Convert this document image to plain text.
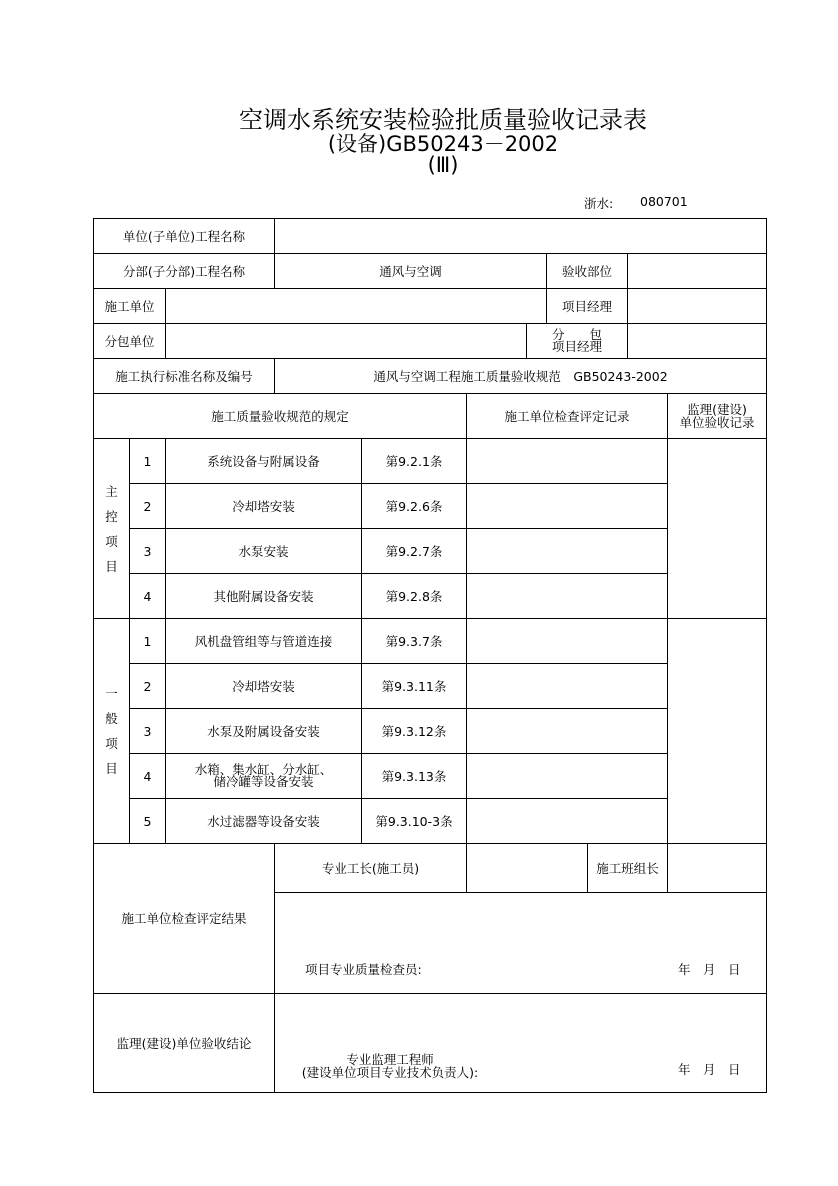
空调水系统安装检验批质量验收记录表
(设备)GB50243－2002
(Ⅲ)
浙水: 080701
单位(子单位)工程名称
分部(子分部)工程名称	通风与空调	验收部位
施工单位	项目经理
分包单位	分　　包
项目经理
施工执行标准名称及编号	通风与空调工程施工质量验收规范　GB50243-2002
施工质量验收规范的规定	施工单位检查评定记录	监理(建设)
单位验收记录
主
控
项
目
1	系统设备与附属设备	第9.2.1条
2	冷却塔安装	第9.2.6条
3	水泵安装	第9.2.7条
4	其他附属设备安装	第9.2.8条
一
般
项
目
1	风机盘管组等与管道连接	第9.3.7条
2	冷却塔安装	第9.3.11条
3	水泵及附属设备安装	第9.3.12条
4	水箱、集水缸、分水缸、
储冷罐等设备安装	第9.3.13条
5	水过滤器等设备安装	第9.3.10-3条
施工单位检查评定结果
专业工长(施工员)	施工班组长
项目专业质量检查员:	年　月　日
监理(建设)单位验收结论
专业监理工程师
(建设单位项目专业技术负责人):	年　月　日
